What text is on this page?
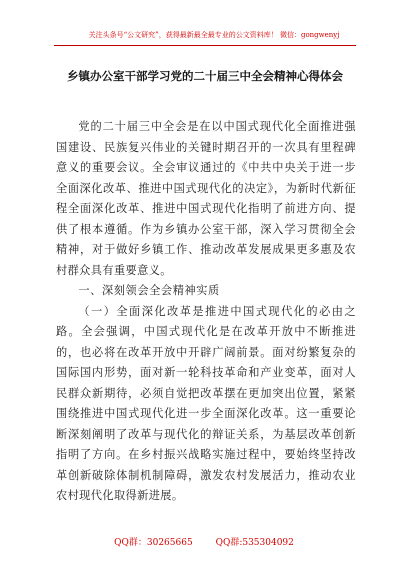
关注头条号“公文研究”，获得最新最全最专业的公文资料库！ 微信：gongwenyj
乡镇办公室干部学习党的二十届三中全会精神心得体会

党的二十届三中全会是在以中国式现代化全面推进强国建设、民族复兴伟业的关键时期召开的一次具有里程碑意义的重要会议。全会审议通过的《中共中央关于进一步全面深化改革、推进中国式现代化的决定》，为新时代新征程全面深化改革、推进中国式现代化指明了前进方向、提供了根本遵循。作为乡镇办公室干部，深入学习贯彻全会精神，对于做好乡镇工作、推动改革发展成果更多惠及农村群众具有重要意义。

一、深刻领会全会精神实质

（一）全面深化改革是推进中国式现代化的必由之路。全会强调，中国式现代化是在改革开放中不断推进的，也必将在改革开放中开辟广阔前景。面对纷繁复杂的国际国内形势，面对新一轮科技革命和产业变革，面对人民群众新期待，必须自觉把改革摆在更加突出位置，紧紧围绕推进中国式现代化进一步全面深化改革。这一重要论断深刻阐明了改革与现代化的辩证关系，为基层改革创新指明了方向。在乡村振兴战略实施过程中，要始终坚持改革创新破除体制机制障碍，激发农村发展活力，推动农业农村现代化取得新进展。

QQ群：30265665	QQ群:535304092
